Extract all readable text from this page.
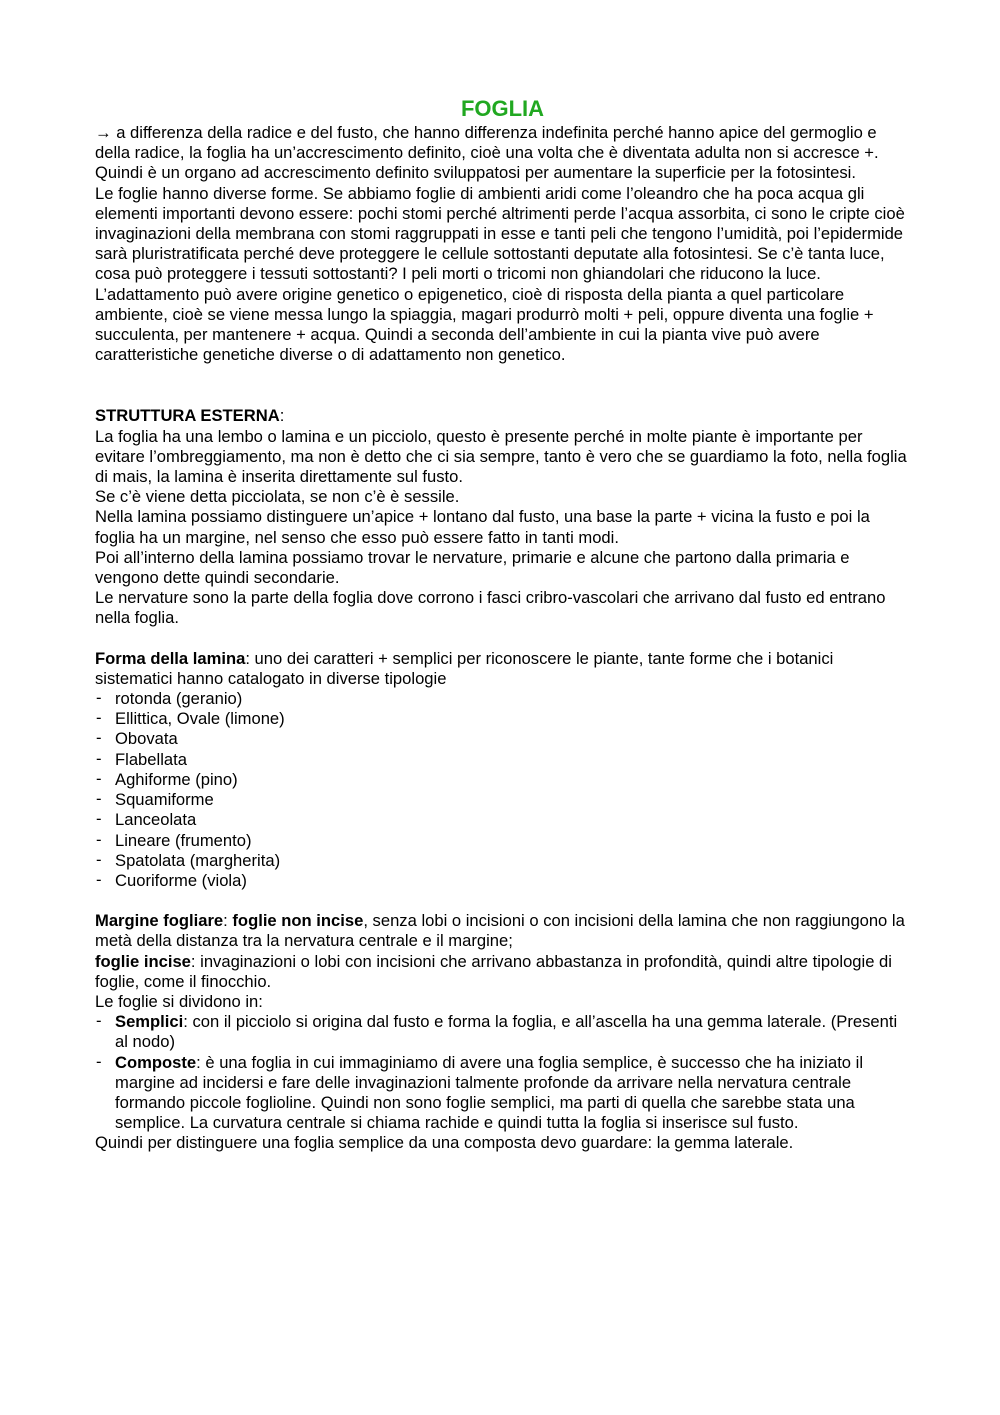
FOGLIA

→ a differenza della radice e del fusto, che hanno differenza indefinita perché hanno apice del germoglio e della radice, la foglia ha un’accrescimento definito, cioè una volta che è diventata adulta non si accresce +. Quindi è un organo ad accrescimento definito sviluppatosi per aumentare la superficie per la fotosintesi.

Le foglie hanno diverse forme. Se abbiamo foglie di ambienti aridi come l’oleandro che ha poca acqua gli elementi importanti devono essere: pochi stomi perché altrimenti perde l’acqua assorbita, ci sono le cripte cioè invaginazioni della membrana con stomi raggruppati in esse e tanti peli che tengono l’umidità, poi l’epidermide sarà pluristratificata perché deve proteggere le cellule sottostanti deputate alla fotosintesi. Se c’è tanta luce, cosa può proteggere i tessuti sottostanti? I peli morti o tricomi non ghiandolari che riducono la luce.

L’adattamento può avere origine genetico o epigenetico, cioè di risposta della pianta a quel particolare ambiente, cioè se viene messa lungo la spiaggia, magari produrrò molti + peli, oppure diventa una foglie + succulenta, per mantenere + acqua. Quindi a seconda dell’ambiente in cui la pianta vive può avere caratteristiche genetiche diverse o di adattamento non genetico.

STRUTTURA ESTERNA:

La foglia ha una lembo o lamina e un picciolo, questo è presente perché in molte piante è importante per evitare l’ombreggiamento, ma non è detto che ci sia sempre, tanto è vero che se guardiamo la foto, nella foglia di mais, la lamina è inserita direttamente sul fusto.

Se c’è viene detta picciolata, se non c’è è sessile.

Nella lamina possiamo distinguere un’apice + lontano dal fusto, una base la parte + vicina la fusto e poi la foglia ha un margine, nel senso che esso può essere fatto in tanti modi.

Poi all’interno della lamina possiamo trovar le nervature, primarie e alcune che partono dalla primaria e vengono dette quindi secondarie.

Le nervature sono la parte della foglia dove corrono i fasci cribro-vascolari che arrivano dal fusto ed entrano nella foglia.

Forma della lamina: uno dei caratteri + semplici per riconoscere le piante, tante forme che i botanici sistematici hanno catalogato in diverse tipologie

- rotonda (geranio)
- Ellittica, Ovale (limone)
- Obovata
- Flabellata
- Aghiforme (pino)
- Squamiforme
- Lanceolata
- Lineare (frumento)
- Spatolata (margherita)
- Cuoriforme (viola)

Margine fogliare: foglie non incise, senza lobi o incisioni o con incisioni della lamina che non raggiungono la metà della distanza tra la nervatura centrale e il margine;

foglie incise: invaginazioni o lobi con incisioni che arrivano abbastanza in profondità, quindi altre tipologie di foglie, come il finocchio.

Le foglie si dividono in:

- Semplici: con il picciolo si origina dal fusto e forma la foglia, e all’ascella ha una gemma laterale. (Presenti al nodo)
- Composte: è una foglia in cui immaginiamo di avere una foglia semplice, è successo che ha iniziato il margine ad incidersi e fare delle invaginazioni talmente profonde da arrivare nella nervatura centrale formando piccole foglioline. Quindi non sono foglie semplici, ma parti di quella che sarebbe stata una semplice. La curvatura centrale si chiama rachide e quindi tutta la foglia si inserisce sul fusto.

Quindi per distinguere una foglia semplice da una composta devo guardare: la gemma laterale.
